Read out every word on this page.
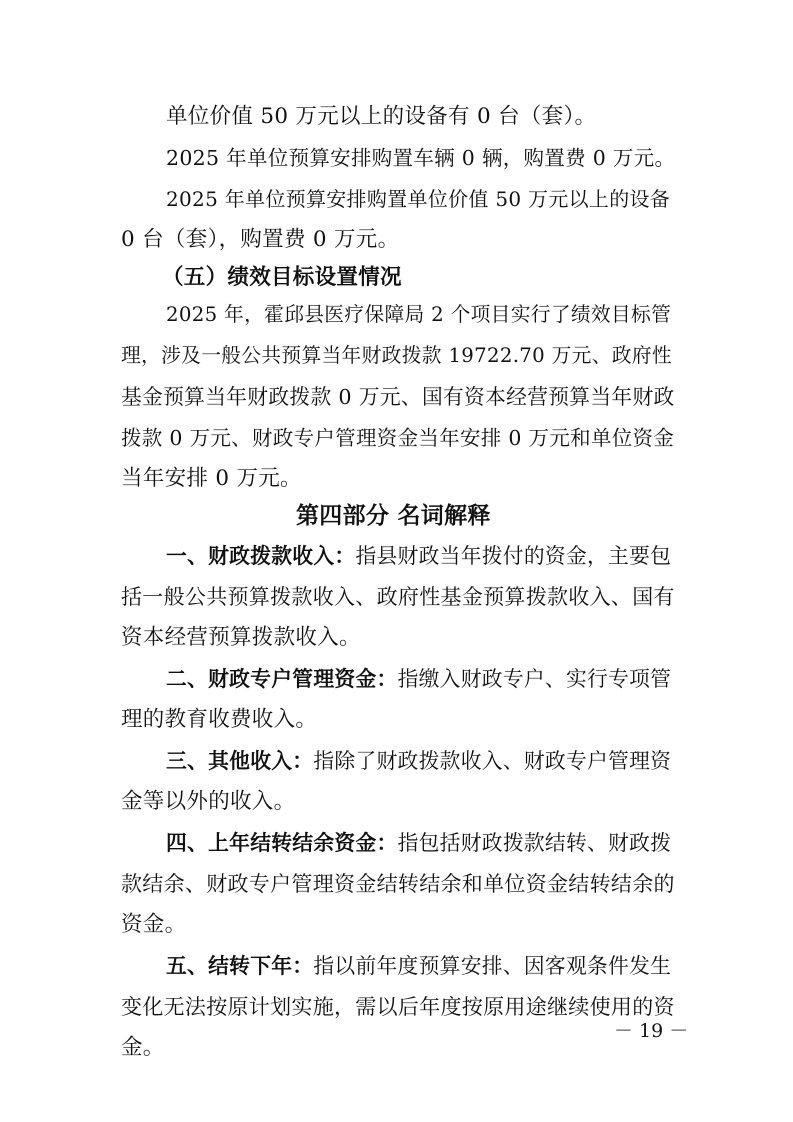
单位价值 50 万元以上的设备有 0 台（套）。

2025 年单位预算安排购置车辆 0 辆，购置费 0 万元。

2025 年单位预算安排购置单位价值 50 万元以上的设备

0 台（套），购置费 0 万元。

（五）绩效目标设置情况

2025 年，霍邱县医疗保障局 2 个项目实行了绩效目标管

理，涉及一般公共预算当年财政拨款 19722.70 万元、政府性

基金预算当年财政拨款 0 万元、国有资本经营预算当年财政

拨款 0 万元、财政专户管理资金当年安排 0 万元和单位资金

当年安排 0 万元。

第四部分 名词解释

一、财政拨款收入：指县财政当年拨付的资金，主要包

括一般公共预算拨款收入、政府性基金预算拨款收入、国有

资本经营预算拨款收入。

二、财政专户管理资金：指缴入财政专户、实行专项管

理的教育收费收入。

三、其他收入：指除了财政拨款收入、财政专户管理资

金等以外的收入。

四、上年结转结余资金：指包括财政拨款结转、财政拨

款结余、财政专户管理资金结转结余和单位资金结转结余的

资金。

五、结转下年：指以前年度预算安排、因客观条件发生

变化无法按原计划实施，需以后年度按原用途继续使用的资

金。

－ 19 －
